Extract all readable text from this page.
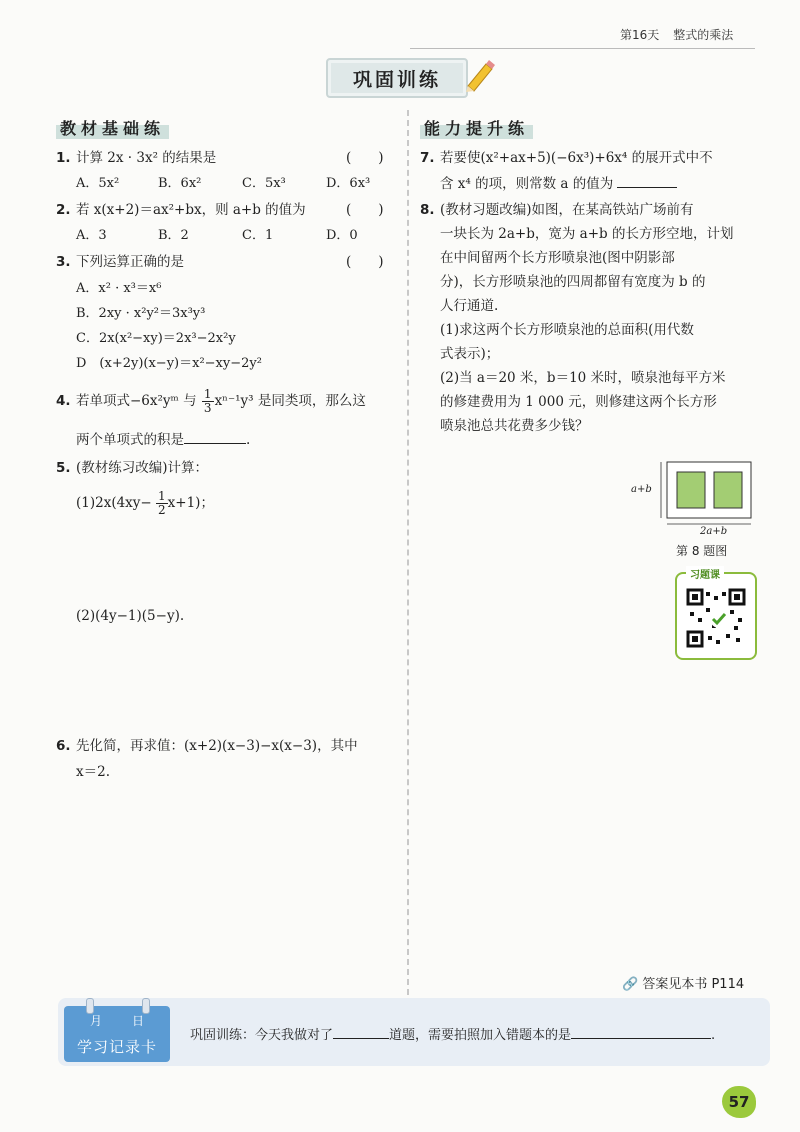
第16天 整式的乘法
巩固训练
教材基础练
1. 计算 2x · 3x² 的结果是	(　　)
A．5x²	B．6x²	C．5x³	D．6x³
2. 若 x(x+2)＝ax²+bx，则 a+b 的值为	(　　)
A．3	B．2	C．1	D．0
3. 下列运算正确的是	(　　)
A．x² · x³＝x⁶
B．2xy · x²y²＝3x³y³
C．2x(x²−xy)＝2x³−2x²y
D　(x+2y)(x−y)＝x²−xy−2y²
4. 若单项式−6x²yᵐ 与 $\frac{1}{3} x^{n-1}y^3$ 是同类项，那么这
两个单项式的积是	.
5. (教材练习改编)计算：
$(1)2x(4xy- \frac{1}{2} x+1)$；
(2)(4y−1)(5−y).
6. 先化简，再求值：(x+2)(x−3)−x(x−3)，其中
x＝2.
能力提升练
7. 若要使(x²+ax+5)(−6x³)+6x⁴ 的展开式中不
含 x⁴ 的项，则常数 a 的值为
8. (教材习题改编)如图，在某高铁站广场前有
一块长为 2a+b，宽为 a+b 的长方形空地，计划
在中间留两个长方形喷泉池(图中阴影部
分)，长方形喷泉池的四周都留有宽度为 b 的
人行通道.
(1)求这两个长方形喷泉池的总面积(用代数
式表示)；
(2)当 a＝20 米，b＝10 米时，喷泉池每平方米
的修建费用为 1 000 元，则修建这两个长方形
喷泉池总共花费多少钱？
a+b
2a+b
第 8 题图
习题课
🔗 答案见本书 P114
月	日
学习记录卡
巩固训练：今天我做对了	道题，需要拍照加入错题本的是	.
57
